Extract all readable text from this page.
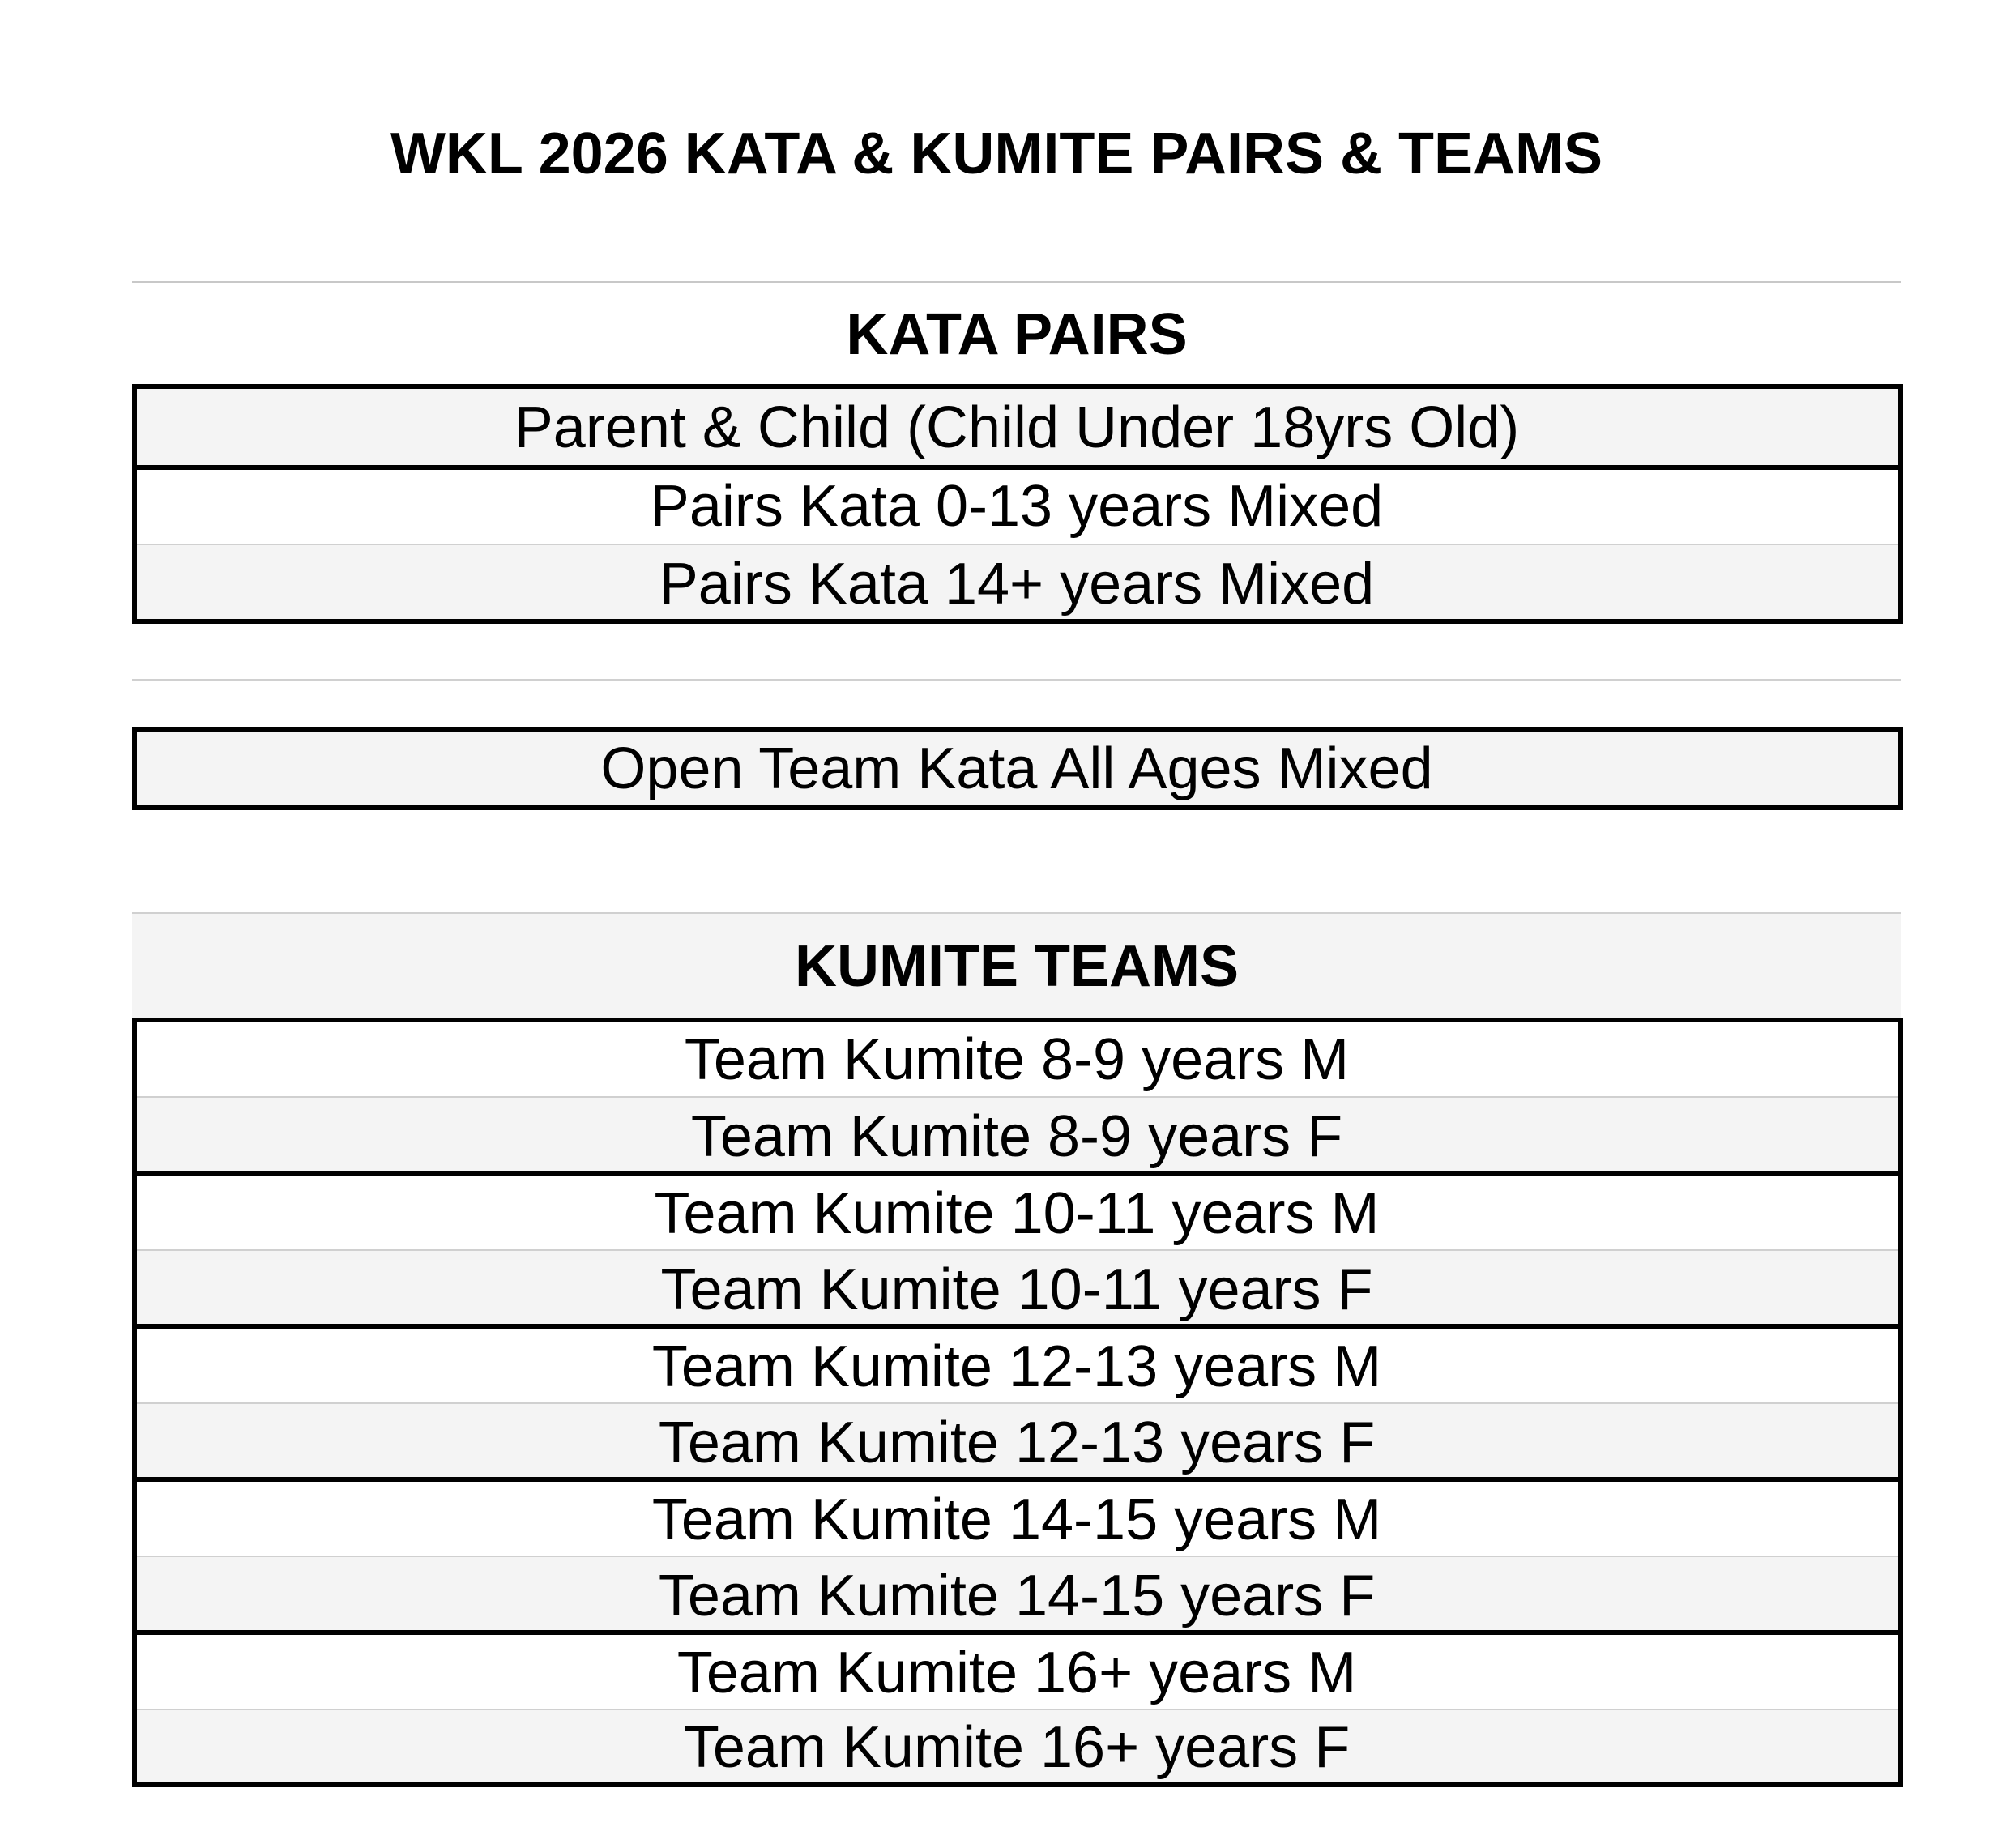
WKL 2026 KATA & KUMITE PAIRS & TEAMS
KATA PAIRS
Parent & Child (Child Under 18yrs Old)
Pairs Kata 0-13 years Mixed
Pairs Kata 14+ years Mixed
Open Team Kata All Ages Mixed
KUMITE TEAMS
Team Kumite 8-9 years M
Team Kumite 8-9 years F
Team Kumite 10-11 years M
Team Kumite 10-11 years F
Team Kumite 12-13 years M
Team Kumite 12-13 years F
Team Kumite 14-15 years M
Team Kumite 14-15 years F
Team Kumite 16+ years M
Team Kumite 16+ years F
